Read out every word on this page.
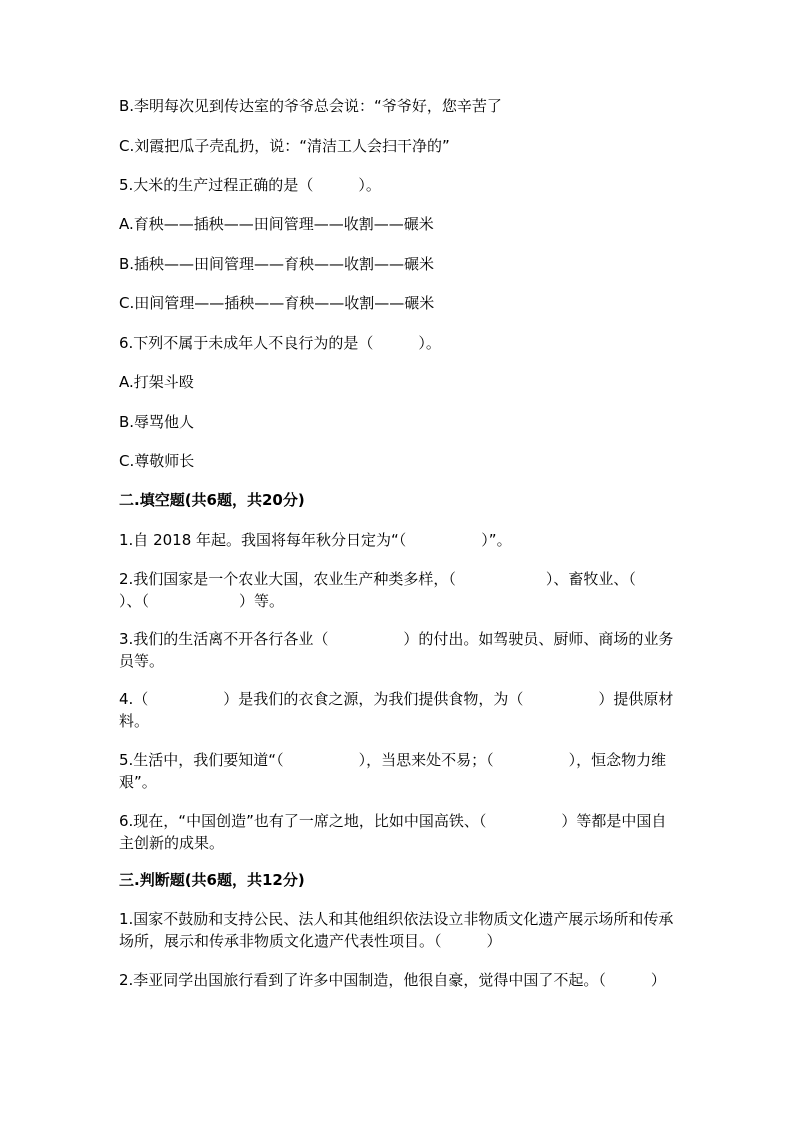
B.李明每次见到传达室的爷爷总会说：“爷爷好，您辛苦了
C.刘霞把瓜子壳乱扔，说：“清洁工人会扫干净的”
5.大米的生产过程正确的是（　　　）。
A.育秧——插秧——田间管理——收割——碾米
B.插秧——田间管理——育秧——收割——碾米
C.田间管理——插秧——育秧——收割——碾米
6.下列不属于未成年人不良行为的是（　　　）。
A.打架斗殴
B.辱骂他人
C.尊敬师长
二.填空题(共6题，共20分)
1.自 2018 年起。我国将每年秋分日定为“（　　　　　）”。
2.我们国家是一个农业大国，农业生产种类多样，（　　　　　　）、畜牧业、（　　　　　　）、（　　　　　　）等。
3.我们的生活离不开各行各业（　　　　　）的付出。如驾驶员、厨师、商场的业务员等。
4.（　　　　　）是我们的衣食之源，为我们提供食物，为（　　　　　）提供原材料。
5.生活中，我们要知道“（　　　　　），当思来处不易；（　　　　　），恒念物力维艰”。
6.现在，“中国创造”也有了一席之地，比如中国高铁、（　　　　　）等都是中国自主创新的成果。
三.判断题(共6题，共12分)
1.国家不鼓励和支持公民、法人和其他组织依法设立非物质文化遗产展示场所和传承场所，展示和传承非物质文化遗产代表性项目。（　　　）
2.李亚同学出国旅行看到了许多中国制造，他很自豪，觉得中国了不起。（　　　）
